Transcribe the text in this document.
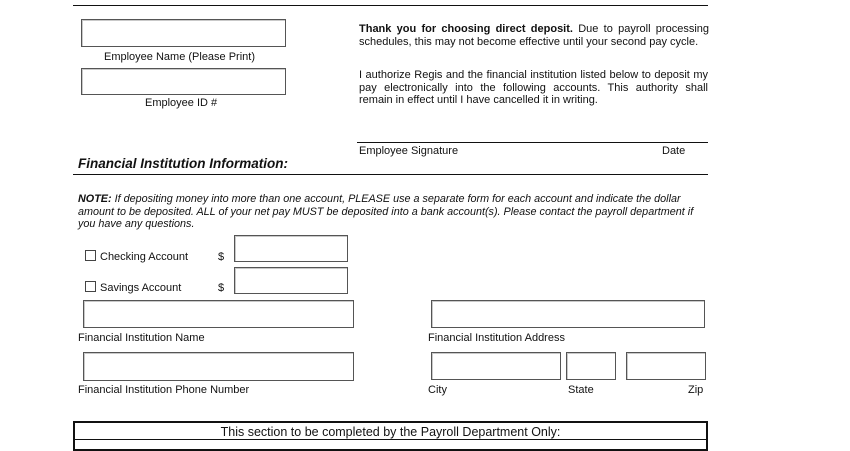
Employee Name (Please Print)
Employee ID #
Thank you for choosing direct deposit. Due to payroll processing schedules, this may not become effective until your second pay cycle.
I authorize Regis and the financial institution listed below to deposit my pay electronically into the following accounts. This authority shall remain in effect until I have cancelled it in writing.
Employee Signature	Date
Financial Institution Information:
NOTE: If depositing money into more than one account, PLEASE use a separate form for each account and indicate the dollar amount to be deposited. ALL of your net pay MUST be deposited into a bank account(s). Please contact the payroll department if you have any questions.
Checking Account	$
Savings Account	$
Financial Institution Name	Financial Institution Address
Financial Institution Phone Number	City	State	Zip
This section to be completed by the Payroll Department Only:
